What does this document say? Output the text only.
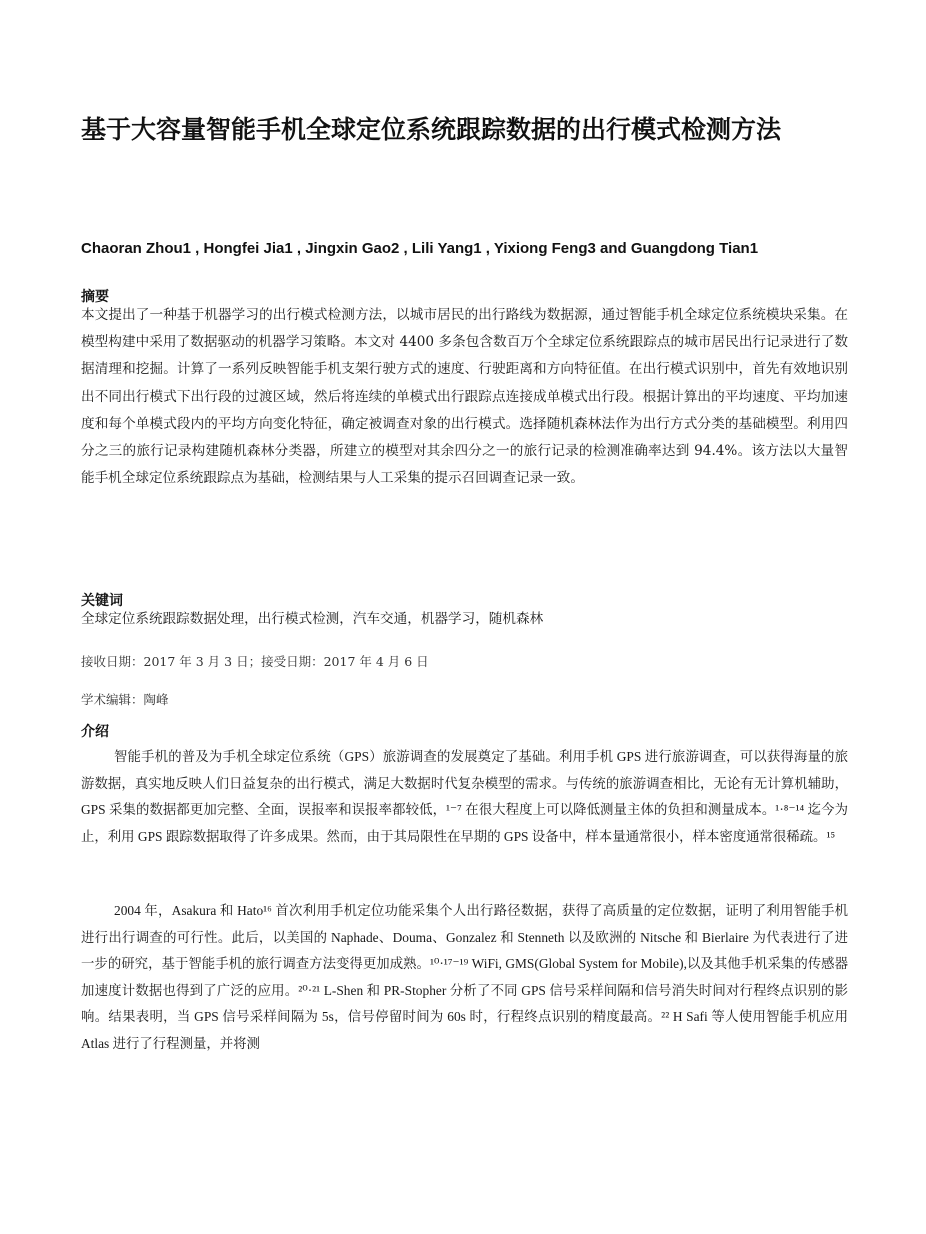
基于大容量智能手机全球定位系统跟踪数据的出行模式检测方法

Chaoran Zhou1 , Hongfei Jia1 , Jingxin Gao2 , Lili Yang1 , Yixiong Feng3 and Guangdong Tian1

摘要

本文提出了一种基于机器学习的出行模式检测方法，以城市居民的出行路线为数据源，通过智能手机全球定位系统模块采集。在模型构建中采用了数据驱动的机器学习策略。本文对 4400 多条包含数百万个全球定位系统跟踪点的城市居民出行记录进行了数据清理和挖掘。计算了一系列反映智能手机支架行驶方式的速度、行驶距离和方向特征值。在出行模式识别中，首先有效地识别出不同出行模式下出行段的过渡区域，然后将连续的单模式出行跟踪点连接成单模式出行段。根据计算出的平均速度、平均加速度和每个单模式段内的平均方向变化特征，确定被调查对象的出行模式。选择随机森林法作为出行方式分类的基础模型。利用四分之三的旅行记录构建随机森林分类器，所建立的模型对其余四分之一的旅行记录的检测准确率达到 94.4%。该方法以大量智能手机全球定位系统跟踪点为基础，检测结果与人工采集的提示召回调查记录一致。

关键词

全球定位系统跟踪数据处理，出行模式检测，汽车交通，机器学习，随机森林

接收日期：2017 年 3 月 3 日；接受日期：2017 年 4 月 6 日

学术编辑：陶峰

介绍

智能手机的普及为手机全球定位系统（GPS）旅游调查的发展奠定了基础。利用手机 GPS 进行旅游调查，可以获得海量的旅游数据，真实地反映人们日益复杂的出行模式，满足大数据时代复杂模型的需求。与传统的旅游调查相比，无论有无计算机辅助，GPS 采集的数据都更加完整、全面，误报率和误报率都较低，¹⁻⁷ 在很大程度上可以降低测量主体的负担和测量成本。¹·⁸⁻¹⁴ 迄今为止，利用 GPS 跟踪数据取得了许多成果。然而，由于其局限性在早期的 GPS 设备中，样本量通常很小，样本密度通常很稀疏。¹⁵

2004 年，Asakura 和 Hato¹⁶ 首次利用手机定位功能采集个人出行路径数据，获得了高质量的定位数据，证明了利用智能手机进行出行调查的可行性。此后，以美国的 Naphade、Douma、Gonzalez 和 Stenneth 以及欧洲的 Nitsche 和 Bierlaire 为代表进行了进一步的研究，基于智能手机的旅行调查方法变得更加成熟。¹⁰·¹⁷⁻¹⁹ WiFi, GMS(Global System for Mobile),以及其他手机采集的传感器加速度计数据也得到了广泛的应用。²⁰·²¹ L-Shen 和 PR-Stopher 分析了不同 GPS 信号采样间隔和信号消失时间对行程终点识别的影响。结果表明，当 GPS 信号采样间隔为 5s，信号停留时间为 60s 时，行程终点识别的精度最高。²² H Safi 等人使用智能手机应用 Atlas 进行了行程测量，并将测
